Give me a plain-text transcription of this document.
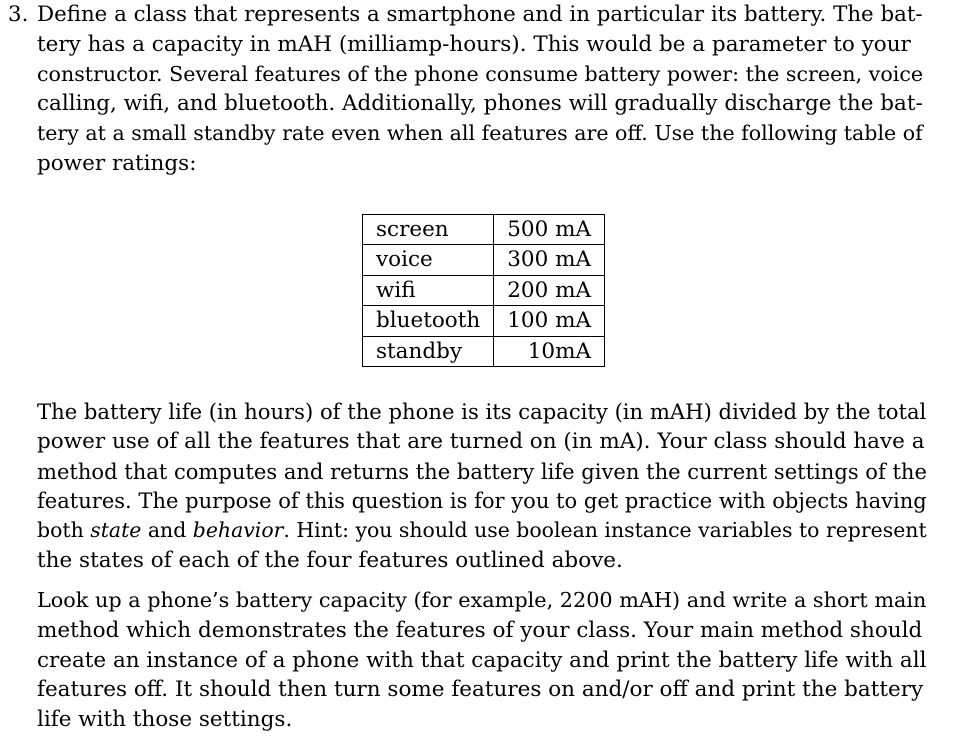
3. Define a class that represents a smartphone and in particular its battery. The bat-
tery has a capacity in mAH (milliamp-hours). This would be a parameter to your
constructor. Several features of the phone consume battery power: the screen, voice
calling, wifi, and bluetooth. Additionally, phones will gradually discharge the bat-
tery at a small standby rate even when all features are off. Use the following table of
power ratings:
screen	500 mA
voice	300 mA
wifi	200 mA
bluetooth	100 mA
standby	10mA
The battery life (in hours) of the phone is its capacity (in mAH) divided by the total
power use of all the features that are turned on (in mA). Your class should have a
method that computes and returns the battery life given the current settings of the
features. The purpose of this question is for you to get practice with objects having
both state and behavior. Hint: you should use boolean instance variables to represent
the states of each of the four features outlined above.
Look up a phone’s battery capacity (for example, 2200 mAH) and write a short main
method which demonstrates the features of your class. Your main method should
create an instance of a phone with that capacity and print the battery life with all
features off. It should then turn some features on and/or off and print the battery
life with those settings.
